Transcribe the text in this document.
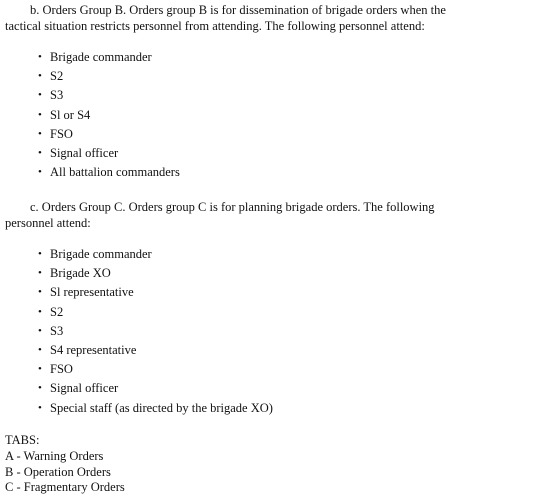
b. Orders Group B. Orders group B is for dissemination of brigade orders when the
tactical situation restricts personnel from attending. The following personnel attend:
• Brigade commander
• S2
• S3
• Sl or S4
• FSO
• Signal officer
• All battalion commanders
c. Orders Group C. Orders group C is for planning brigade orders. The following
personnel attend:
• Brigade commander
• Brigade XO
• Sl representative
• S2
• S3
• S4 representative
• FSO
• Signal officer
• Special staff (as directed by the brigade XO)
TABS:
A - Warning Orders
B - Operation Orders
C - Fragmentary Orders
